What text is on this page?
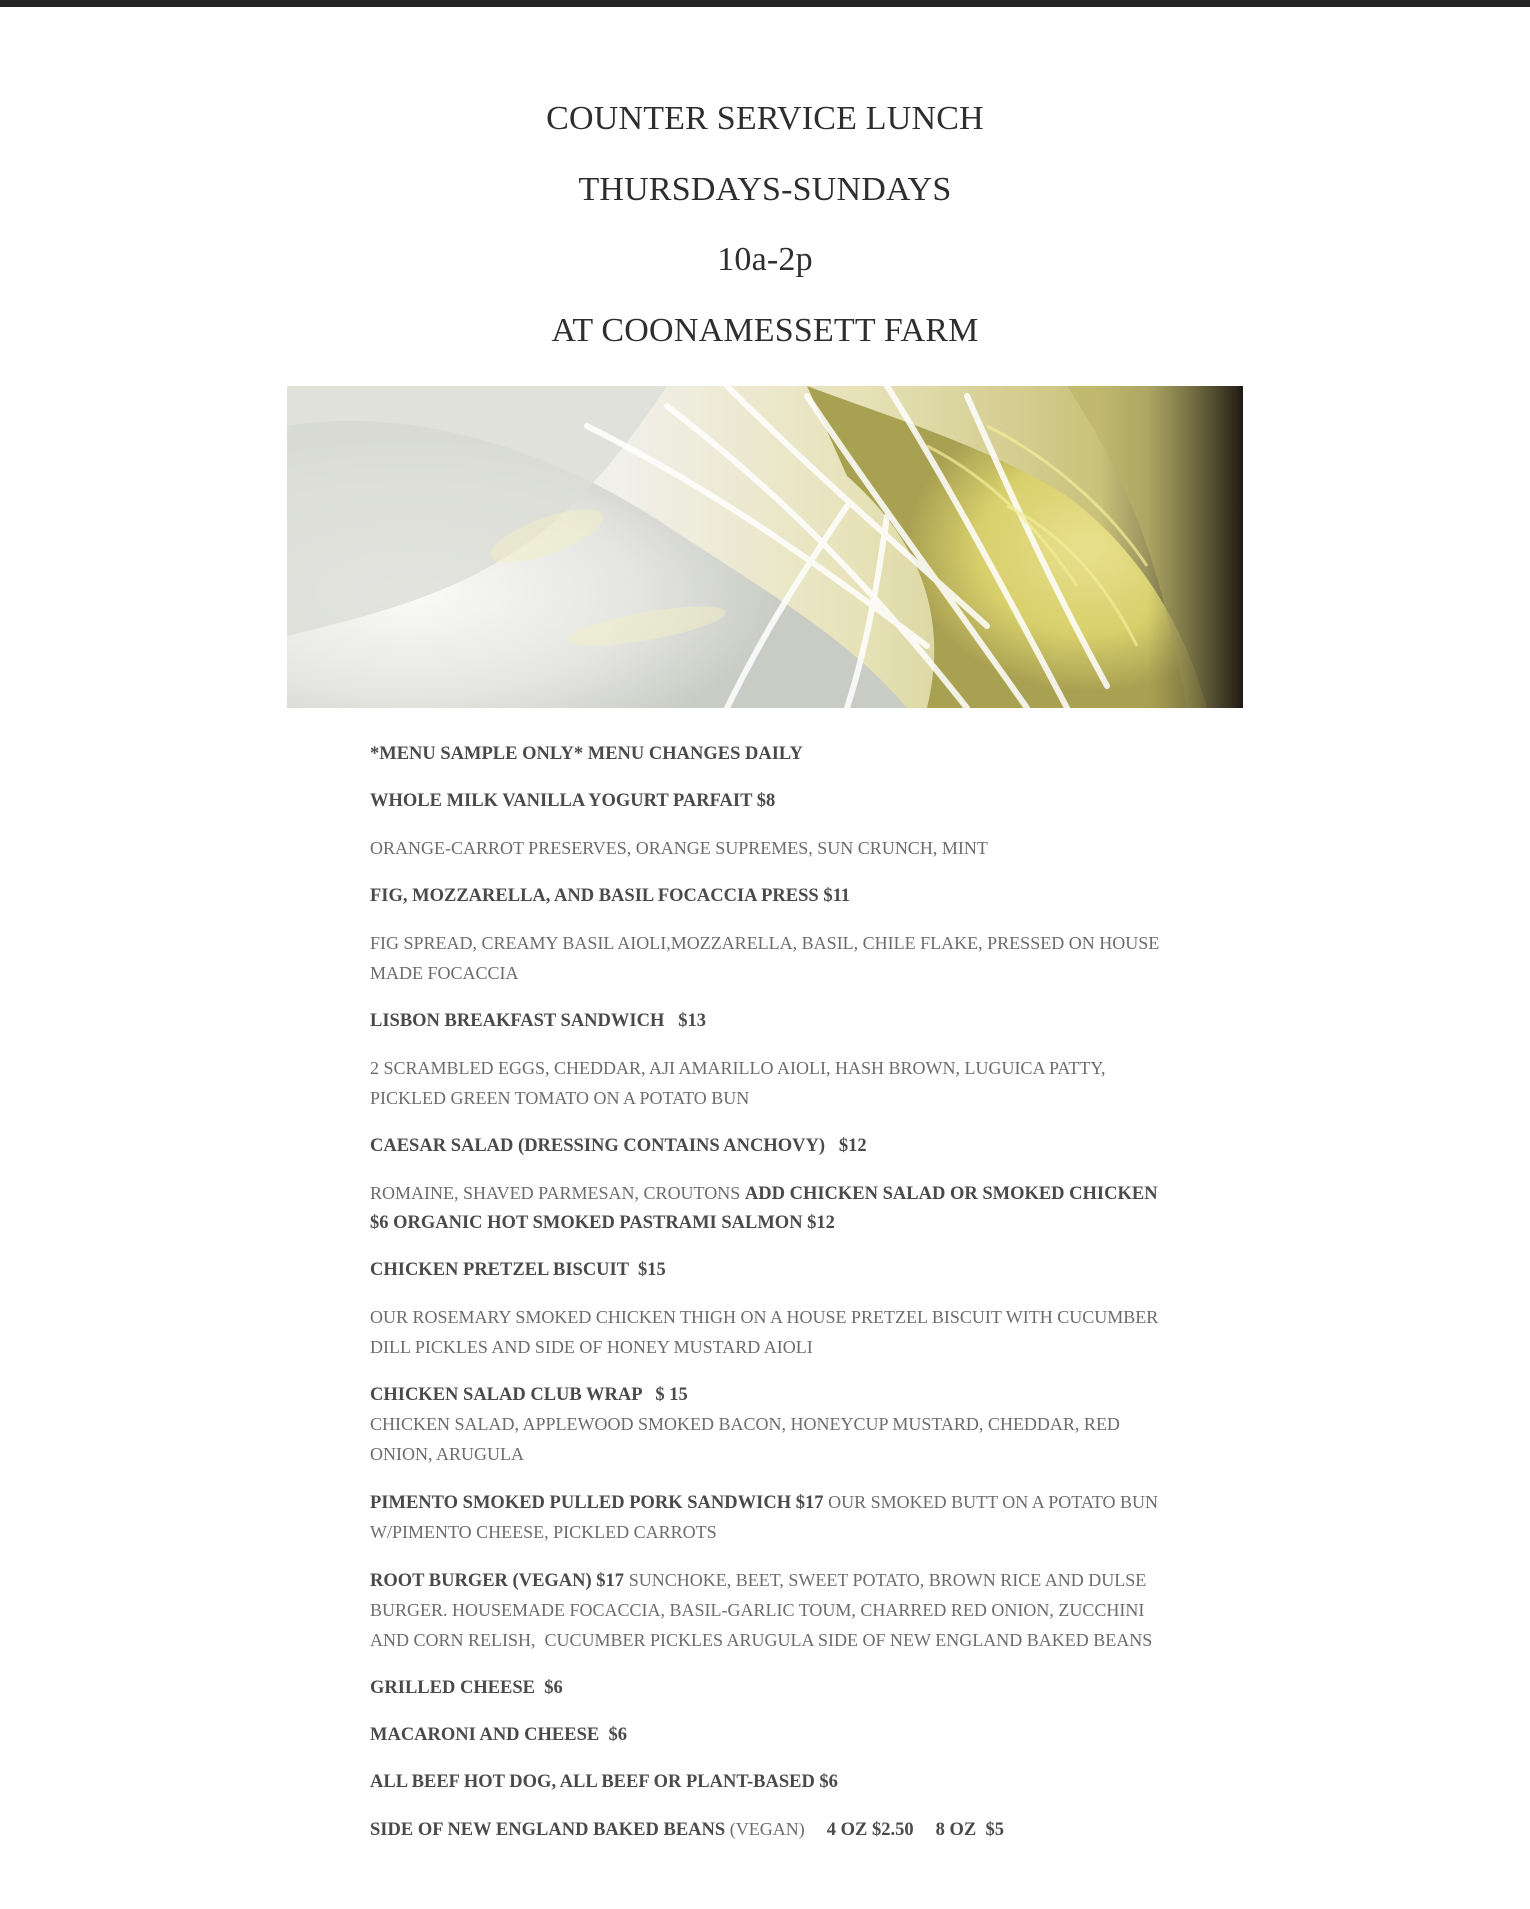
COUNTER SERVICE LUNCH
THURSDAYS-SUNDAYS
10a-2p
AT COONAMESSETT FARM

*MENU SAMPLE ONLY* MENU CHANGES DAILY

WHOLE MILK VANILLA YOGURT PARFAIT $8

ORANGE-CARROT PRESERVES, ORANGE SUPREMES, SUN CRUNCH, MINT

FIG, MOZZARELLA, AND BASIL FOCACCIA PRESS $11

FIG SPREAD, CREAMY BASIL AIOLI,MOZZARELLA, BASIL, CHILE FLAKE, PRESSED ON HOUSE MADE FOCACCIA

LISBON BREAKFAST SANDWICH   $13

2 SCRAMBLED EGGS, CHEDDAR, AJI AMARILLO AIOLI, HASH BROWN, LUGUICA PATTY, PICKLED GREEN TOMATO ON A POTATO BUN

CAESAR SALAD (DRESSING CONTAINS ANCHOVY)   $12

ROMAINE, SHAVED PARMESAN, CROUTONS ADD CHICKEN SALAD OR SMOKED CHICKEN $6 ORGANIC HOT SMOKED PASTRAMI SALMON $12

CHICKEN PRETZEL BISCUIT  $15

OUR ROSEMARY SMOKED CHICKEN THIGH ON A HOUSE PRETZEL BISCUIT WITH CUCUMBER DILL PICKLES AND SIDE OF HONEY MUSTARD AIOLI

CHICKEN SALAD CLUB WRAP   $ 15

CHICKEN SALAD, APPLEWOOD SMOKED BACON, HONEYCUP MUSTARD, CHEDDAR, RED ONION, ARUGULA

PIMENTO SMOKED PULLED PORK SANDWICH $17 OUR SMOKED BUTT ON A POTATO BUN W/PIMENTO CHEESE, PICKLED CARROTS

ROOT BURGER (VEGAN) $17 SUNCHOKE, BEET, SWEET POTATO, BROWN RICE AND DULSE BURGER. HOUSEMADE FOCACCIA, BASIL-GARLIC TOUM, CHARRED RED ONION, ZUCCHINI AND CORN RELISH,  CUCUMBER PICKLES ARUGULA SIDE OF NEW ENGLAND BAKED BEANS

GRILLED CHEESE  $6

MACARONI AND CHEESE  $6

ALL BEEF HOT DOG, ALL BEEF OR PLANT-BASED $6

SIDE OF NEW ENGLAND BAKED BEANS (VEGAN) 4 OZ $2.50 8 OZ  $5
